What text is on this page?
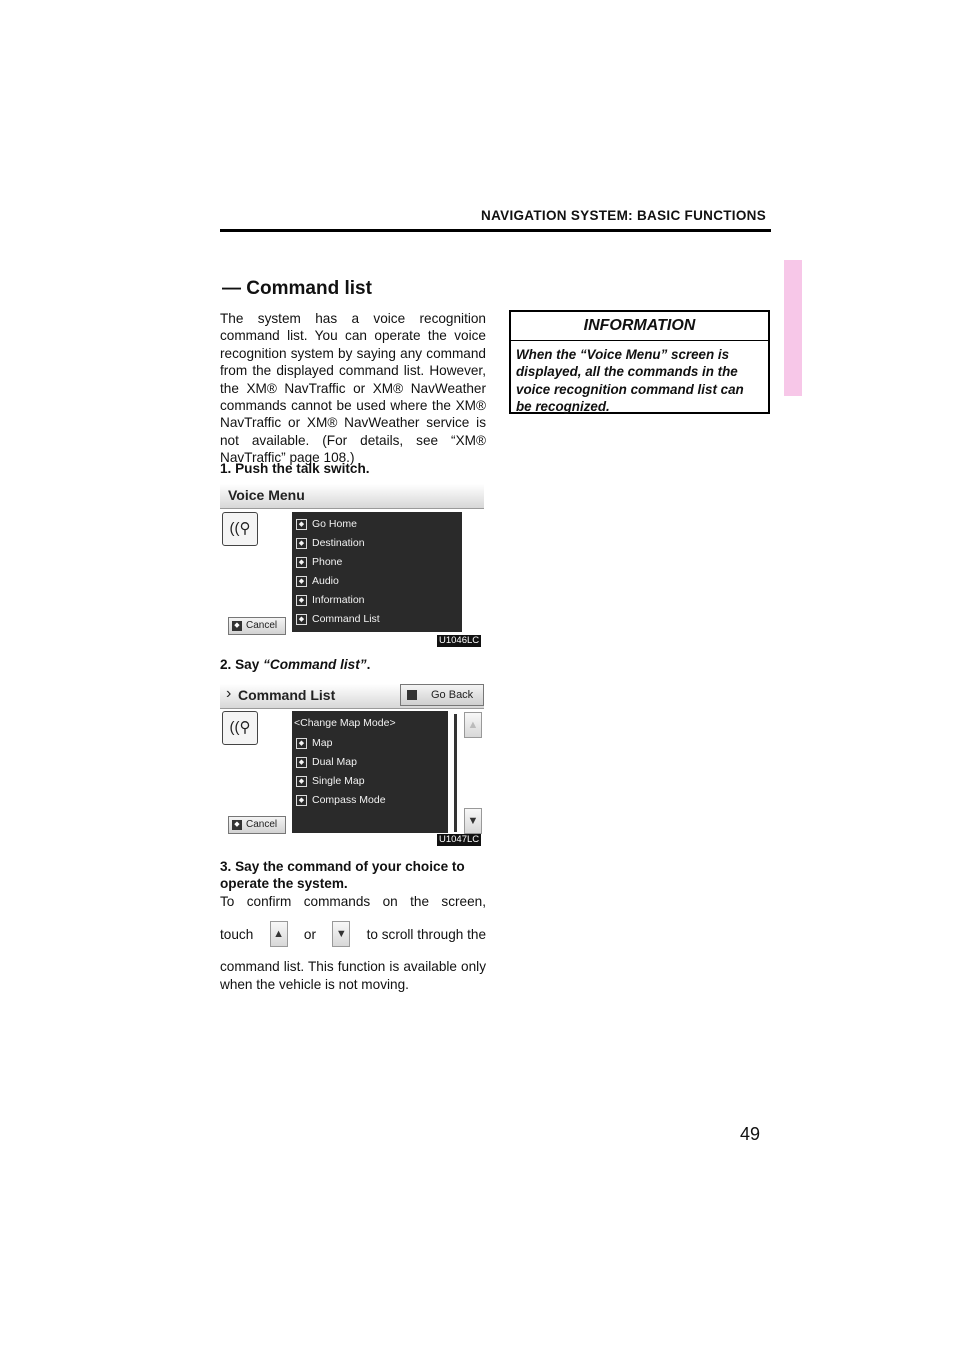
NAVIGATION SYSTEM: BASIC FUNCTIONS
— Command list
The system has a voice recognition command list. You can operate the voice recognition system by saying any command from the displayed command list. However, the XM® NavTraffic or XM® NavWeather commands cannot be used where the XM® NavTraffic or XM® NavWeather service is not available. (For details, see “XM® NavTraffic” page 108.)
1. Push the talk switch.
Voice Menu
((⚲
◆ Cancel
◆ Go Home
◆ Destination
◆ Phone
◆ Audio
◆ Information
◆ Command List
U1046LC
2. Say “Command list”.
› Command List	Go Back
((⚲
◆ Cancel
<Change Map Mode>
◆ Map
◆ Dual Map
◆ Single Map
◆ Compass Mode
▲
▼
U1047LC
3. Say the command of your choice to operate the system.
To confirm commands on the screen,
touch	▲ or	▼ to scroll through the
command list. This function is available only when the vehicle is not moving.
INFORMATION
When the “Voice Menu” screen is displayed, all the commands in the voice recognition command list can be recognized.
49
